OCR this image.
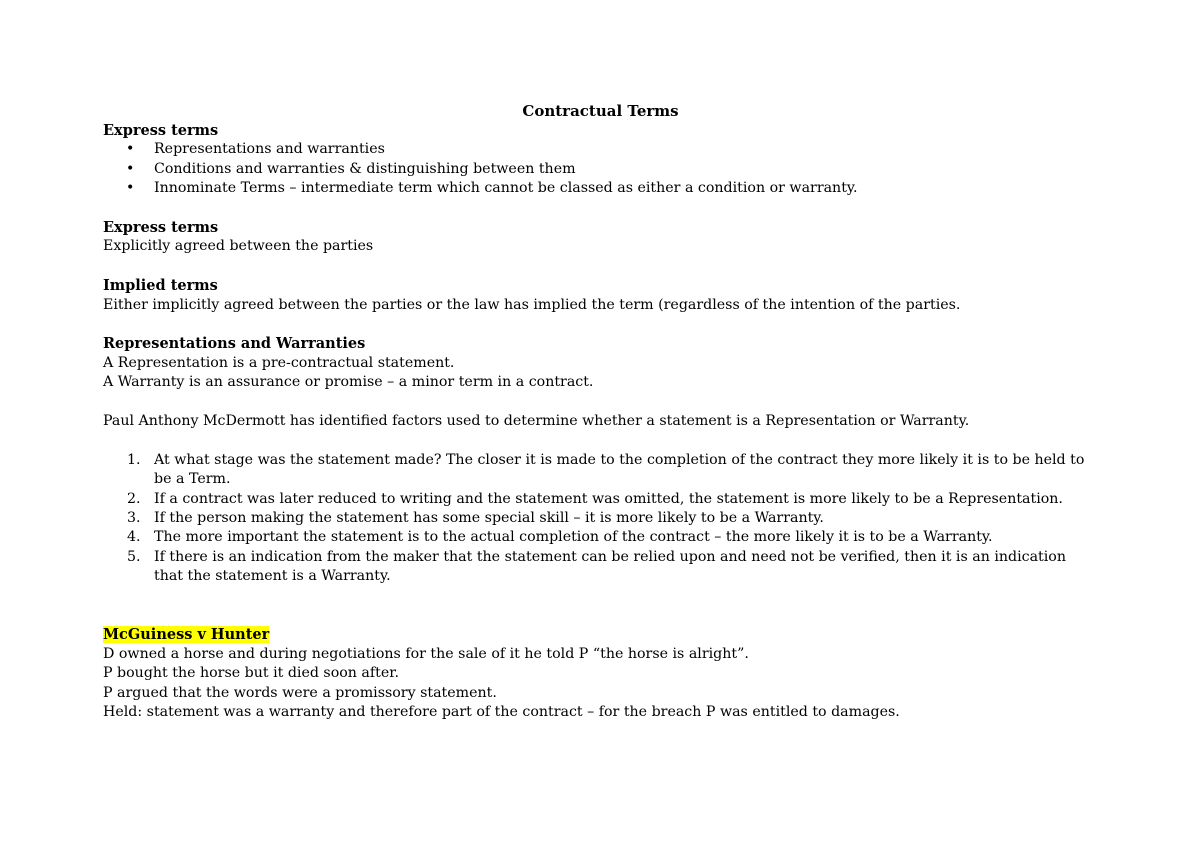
Contractual Terms

Express terms
• Representations and warranties
• Conditions and warranties & distinguishing between them
• Innominate Terms – intermediate term which cannot be classed as either a condition or warranty.
Express terms

Explicitly agreed between the parties

Implied terms

Either implicitly agreed between the parties or the law has implied the term (regardless of the intention of the parties.

Representations and Warranties

A Representation is a pre-contractual statement.

A Warranty is an assurance or promise – a minor term in a contract.

Paul Anthony McDermott has identified factors used to determine whether a statement is a Representation or Warranty.

1. At what stage was the statement made? The closer it is made to the completion of the contract they more likely it is to be held to be a Term.
2. If a contract was later reduced to writing and the statement was omitted, the statement is more likely to be a Representation.
3. If the person making the statement has some special skill – it is more likely to be a Warranty.
4. The more important the statement is to the actual completion of the contract – the more likely it is to be a Warranty.
5. If there is an indication from the maker that the statement can be relied upon and need not be verified, then it is an indication that the statement is a Warranty.
McGuiness v Hunter

D owned a horse and during negotiations for the sale of it he told P “the horse is alright”.

P bought the horse but it died soon after.

P argued that the words were a promissory statement.

Held: statement was a warranty and therefore part of the contract – for the breach P was entitled to damages.
